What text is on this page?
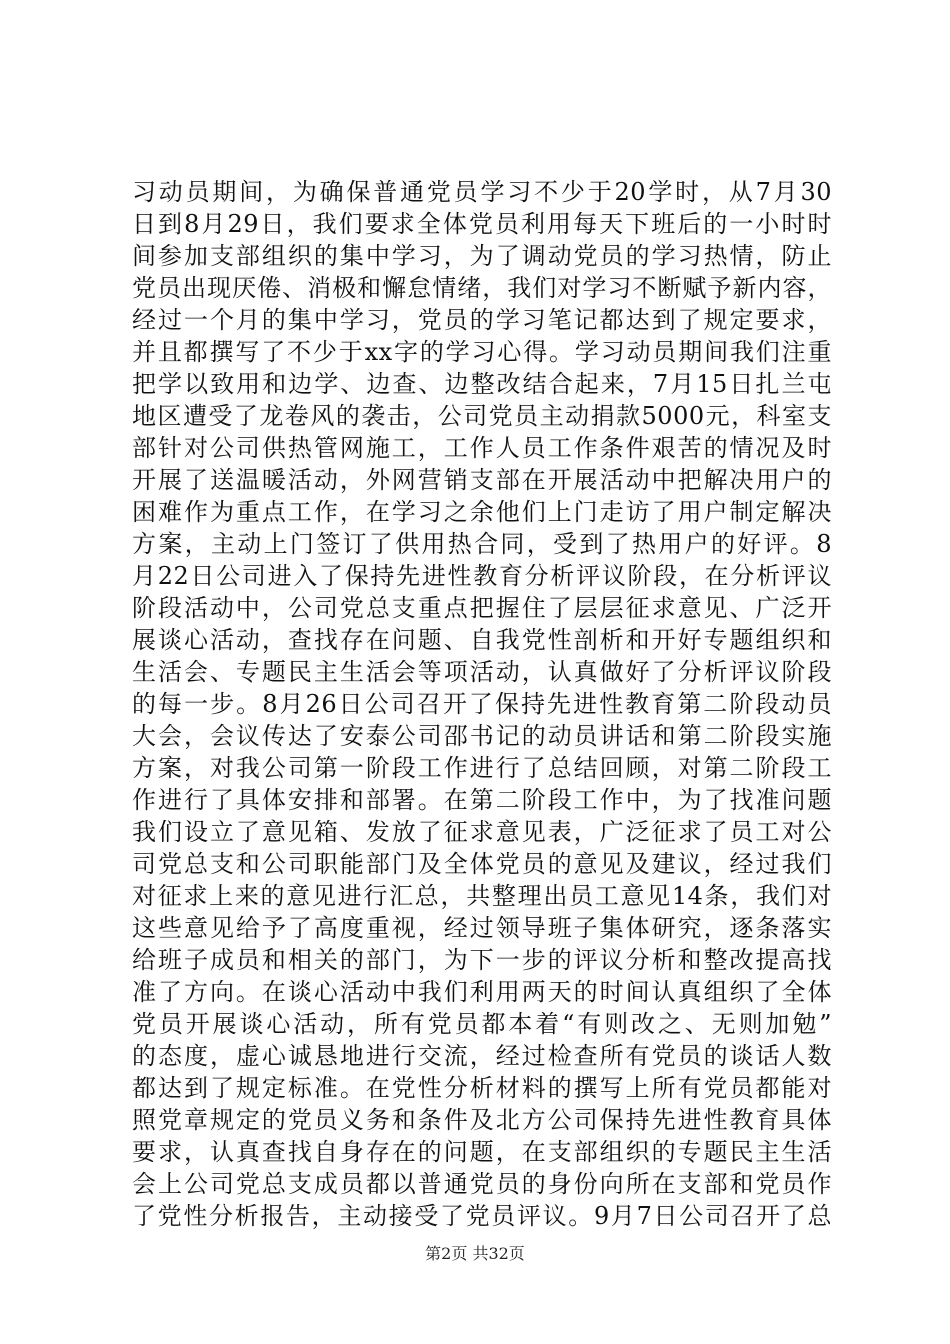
习动员期间，为确保普通党员学习不少于20学时，从7月30
日到8月29日，我们要求全体党员利用每天下班后的一小时时
间参加支部组织的集中学习，为了调动党员的学习热情，防止
党员出现厌倦、消极和懈怠情绪，我们对学习不断赋予新内容，
经过一个月的集中学习，党员的学习笔记都达到了规定要求，
并且都撰写了不少于xx字的学习心得。学习动员期间我们注重
把学以致用和边学、边查、边整改结合起来，7月15日扎兰屯
地区遭受了龙卷风的袭击，公司党员主动捐款5000元，科室支
部针对公司供热管网施工，工作人员工作条件艰苦的情况及时
开展了送温暖活动，外网营销支部在开展活动中把解决用户的
困难作为重点工作，在学习之余他们上门走访了用户制定解决
方案，主动上门签订了供用热合同，受到了热用户的好评。8
月22日公司进入了保持先进性教育分析评议阶段，在分析评议
阶段活动中，公司党总支重点把握住了层层征求意见、广泛开
展谈心活动，查找存在问题、自我党性剖析和开好专题组织和
生活会、专题民主生活会等项活动，认真做好了分析评议阶段
的每一步。8月26日公司召开了保持先进性教育第二阶段动员
大会，会议传达了安泰公司邵书记的动员讲话和第二阶段实施
方案，对我公司第一阶段工作进行了总结回顾，对第二阶段工
作进行了具体安排和部署。在第二阶段工作中，为了找准问题
我们设立了意见箱、发放了征求意见表，广泛征求了员工对公
司党总支和公司职能部门及全体党员的意见及建议，经过我们
对征求上来的意见进行汇总，共整理出员工意见14条，我们对
这些意见给予了高度重视，经过领导班子集体研究，逐条落实
给班子成员和相关的部门，为下一步的评议分析和整改提高找
准了方向。在谈心活动中我们利用两天的时间认真组织了全体
党员开展谈心活动，所有党员都本着“有则改之、无则加勉”
的态度，虚心诚恳地进行交流，经过检查所有党员的谈话人数
都达到了规定标准。在党性分析材料的撰写上所有党员都能对
照党章规定的党员义务和条件及北方公司保持先进性教育具体
要求，认真查找自身存在的问题，在支部组织的专题民主生活
会上公司党总支成员都以普通党员的身份向所在支部和党员作
了党性分析报告，主动接受了党员评议。9月7日公司召开了总
第2页 共32页
